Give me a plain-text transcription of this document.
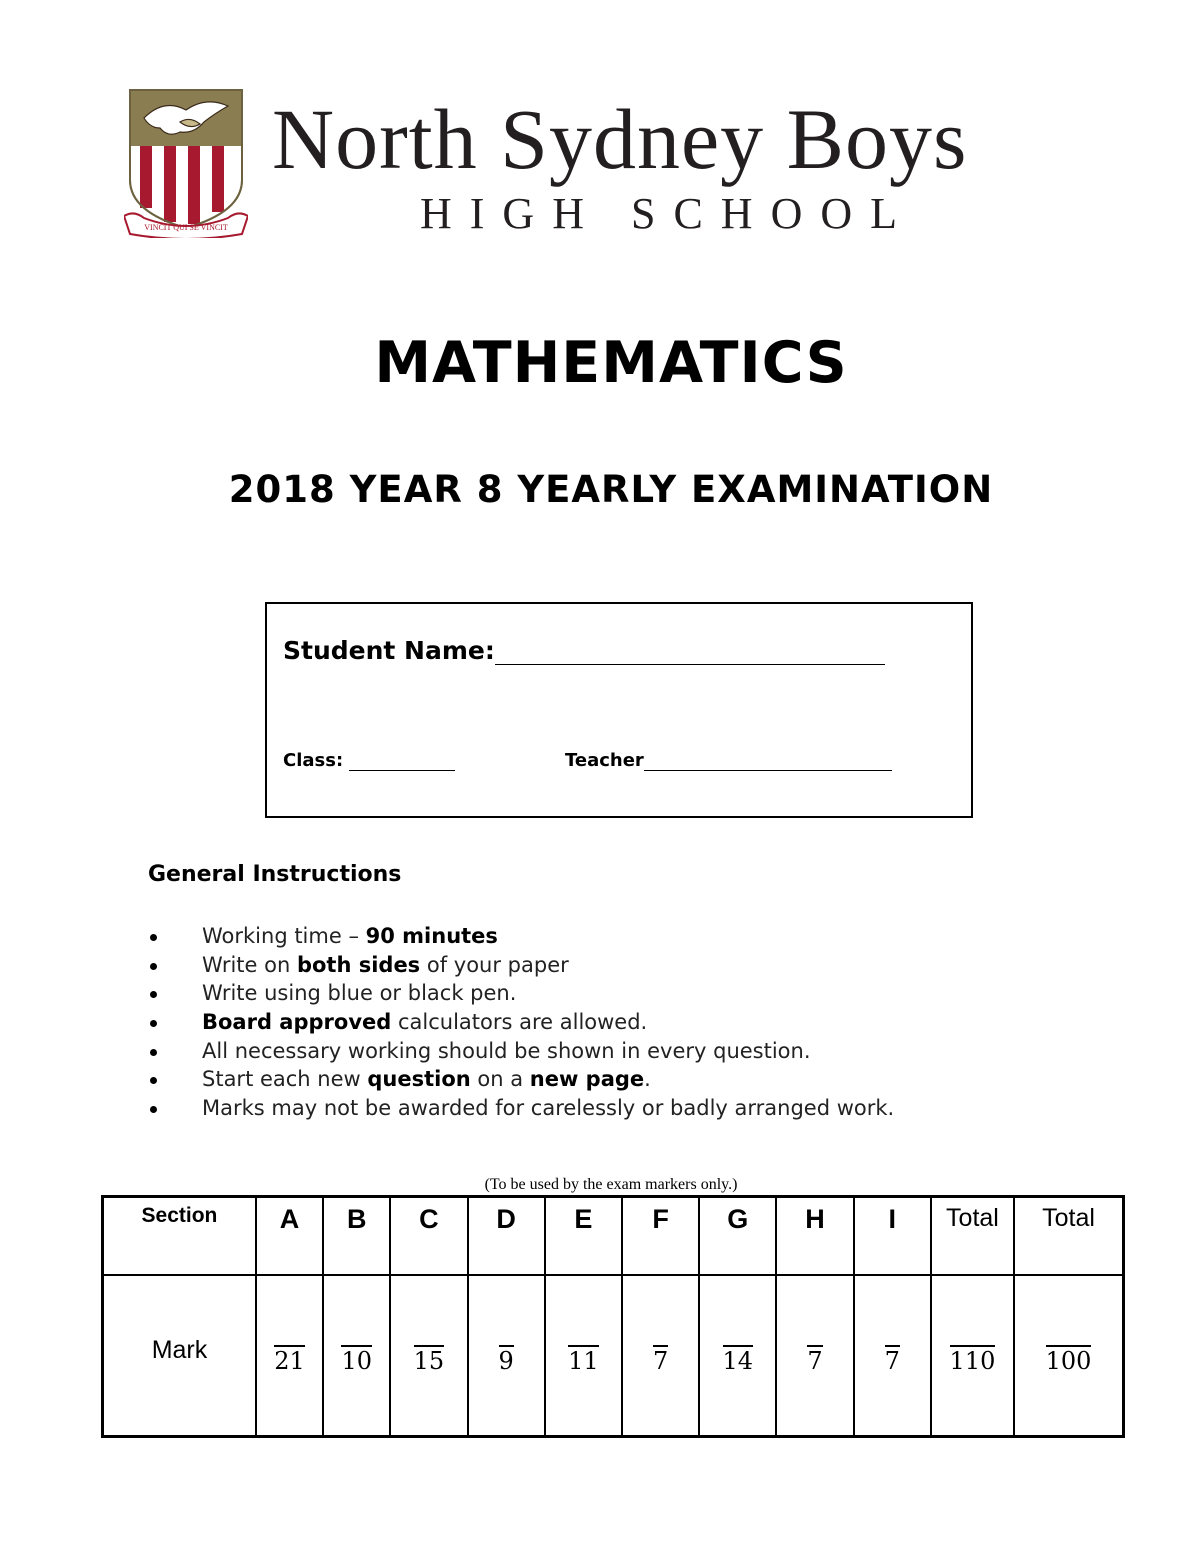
VINCIT QUI SE VINCIT
North Sydney Boys
HIGH SCHOOL
MATHEMATICS
2018 YEAR 8 YEARLY EXAMINATION
Student Name:
Class:	Teacher
General Instructions
Working time – 90 minutes
Write on both sides of your paper
Write using blue or black pen.
Board approved calculators are allowed.
All necessary working should be shown in every question.
Start each new question on a new page.
Marks may not be awarded for carelessly or badly arranged work.
(To be used by the exam markers only.)
Section	A	B	C	D	E	F	G	H	I	Total	Total
Mark	21	10	15	9	11	7	14	7	7	110	100
